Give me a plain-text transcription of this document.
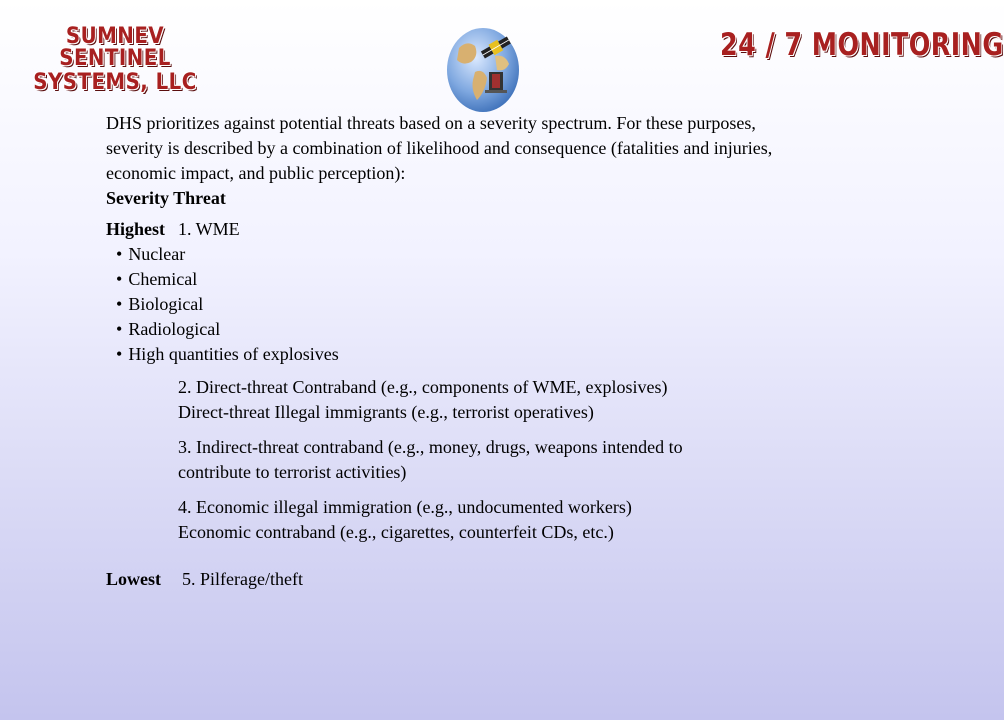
SUMNEV SENTINEL
SYSTEMS, LLC
24 / 7 MONITORING

DHS prioritizes against potential threats based on a severity spectrum. For these purposes, severity is described by a combination of likelihood and consequence (fatalities and injuries, economic impact, and public perception):

Severity Threat
Highest 1. WME
• Nuclear
• Chemical
• Biological
• Radiological
• High quantities of explosives
2. Direct-threat Contraband (e.g., components of WME, explosives)
Direct-threat Illegal immigrants (e.g., terrorist operatives)
3. Indirect-threat contraband (e.g., money, drugs, weapons intended to
contribute to terrorist activities)
4. Economic illegal immigration (e.g., undocumented workers)
Economic contraband (e.g., cigarettes, counterfeit CDs, etc.)
Lowest	5. Pilferage/theft
